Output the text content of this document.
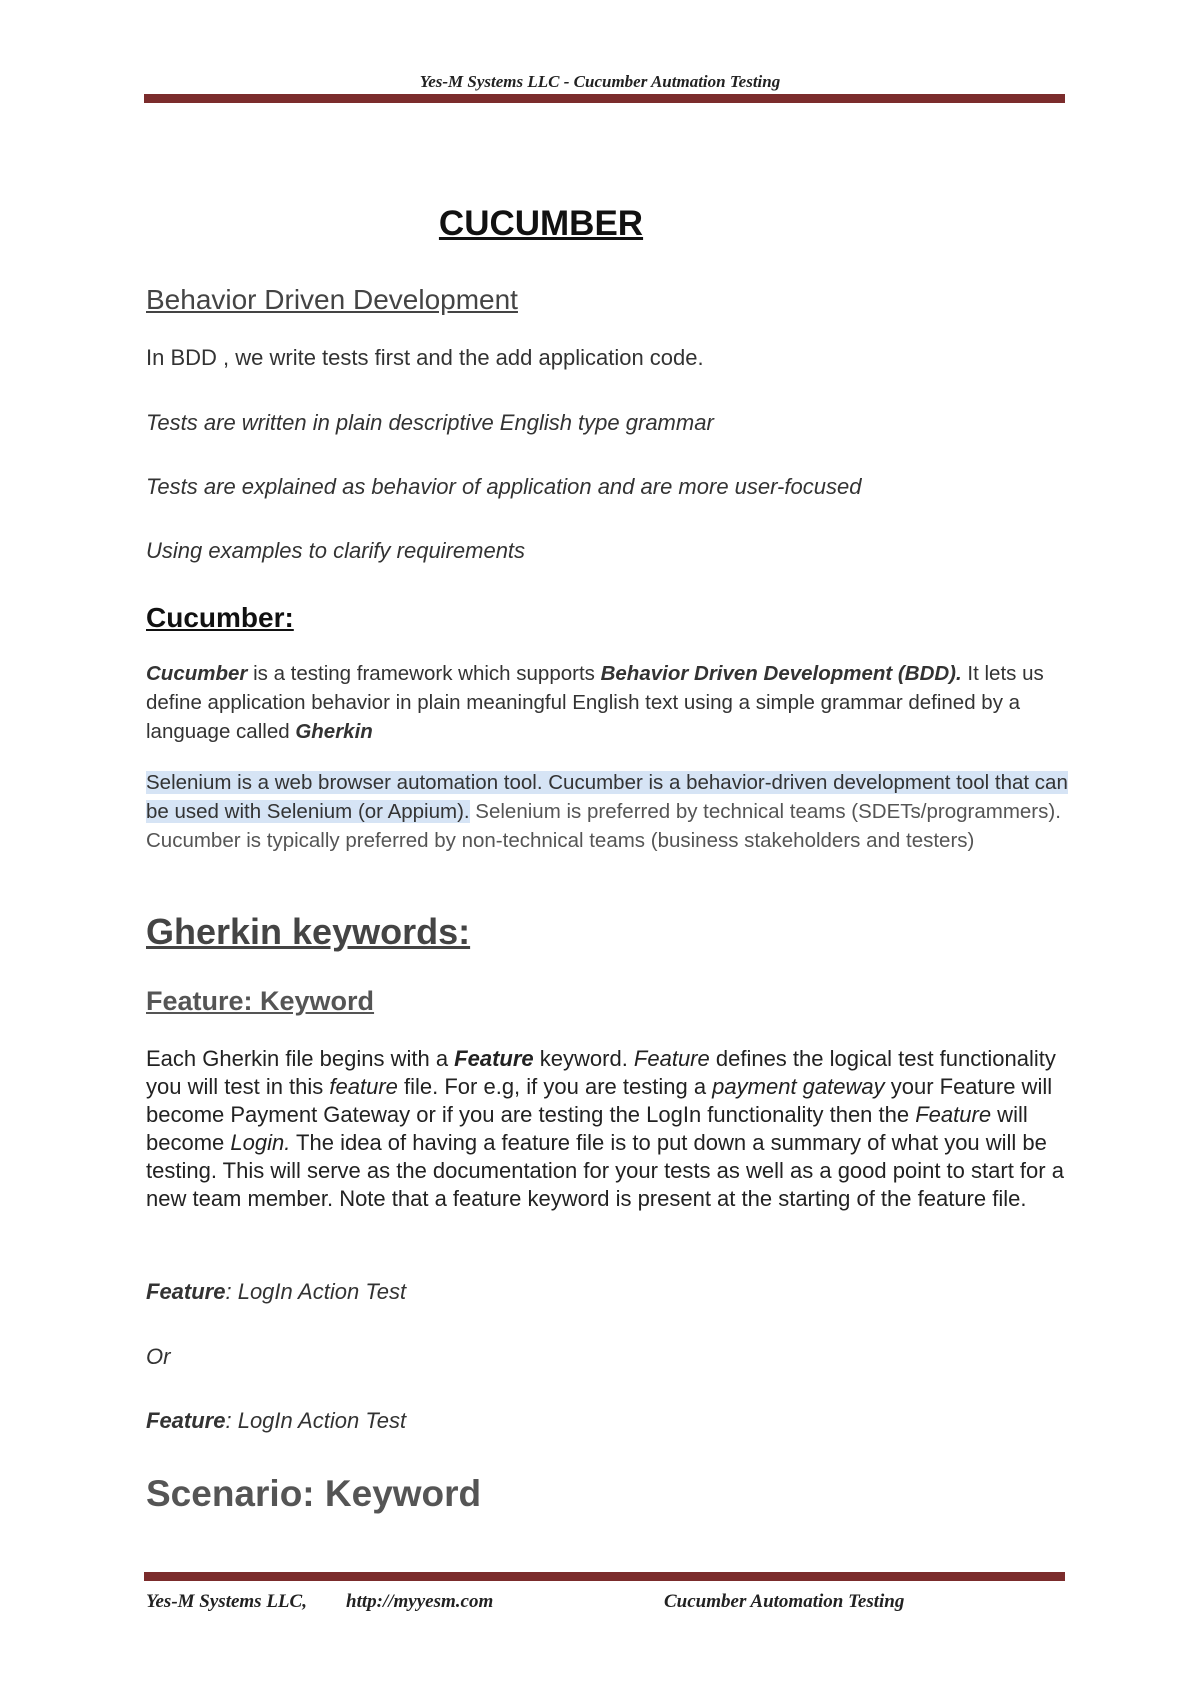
Yes-M Systems LLC - Cucumber Autmation Testing
CUCUMBER
Behavior Driven Development
In BDD , we write tests first and the add application code.
Tests are written in plain descriptive English type grammar
Tests are explained as behavior of application and are more user-focused
Using examples to clarify requirements
Cucumber:
Cucumber is a testing framework which supports Behavior Driven Development (BDD). It lets us define application behavior in plain meaningful English text using a simple grammar defined by a language called Gherkin
Selenium is a web browser automation tool. Cucumber is a behavior-driven development tool that can be used with Selenium (or Appium). Selenium is preferred by technical teams (SDETs/programmers). Cucumber is typically preferred by non-technical teams (business stakeholders and testers)
Gherkin keywords:
Feature: Keyword
Each Gherkin file begins with a Feature keyword. Feature defines the logical test functionality you will test in this feature file. For e.g, if you are testing a payment gateway your Feature will become Payment Gateway or if you are testing the LogIn functionality then the Feature will become Login. The idea of having a feature file is to put down a summary of what you will be testing. This will serve as the documentation for your tests as well as a good point to start for a new team member. Note that a feature keyword is present at the starting of the feature file.
Feature: LogIn Action Test
Or
Feature: LogIn Action Test
Scenario: Keyword
Yes-M Systems LLC, http://myyesm.com	Cucumber Automation Testing
